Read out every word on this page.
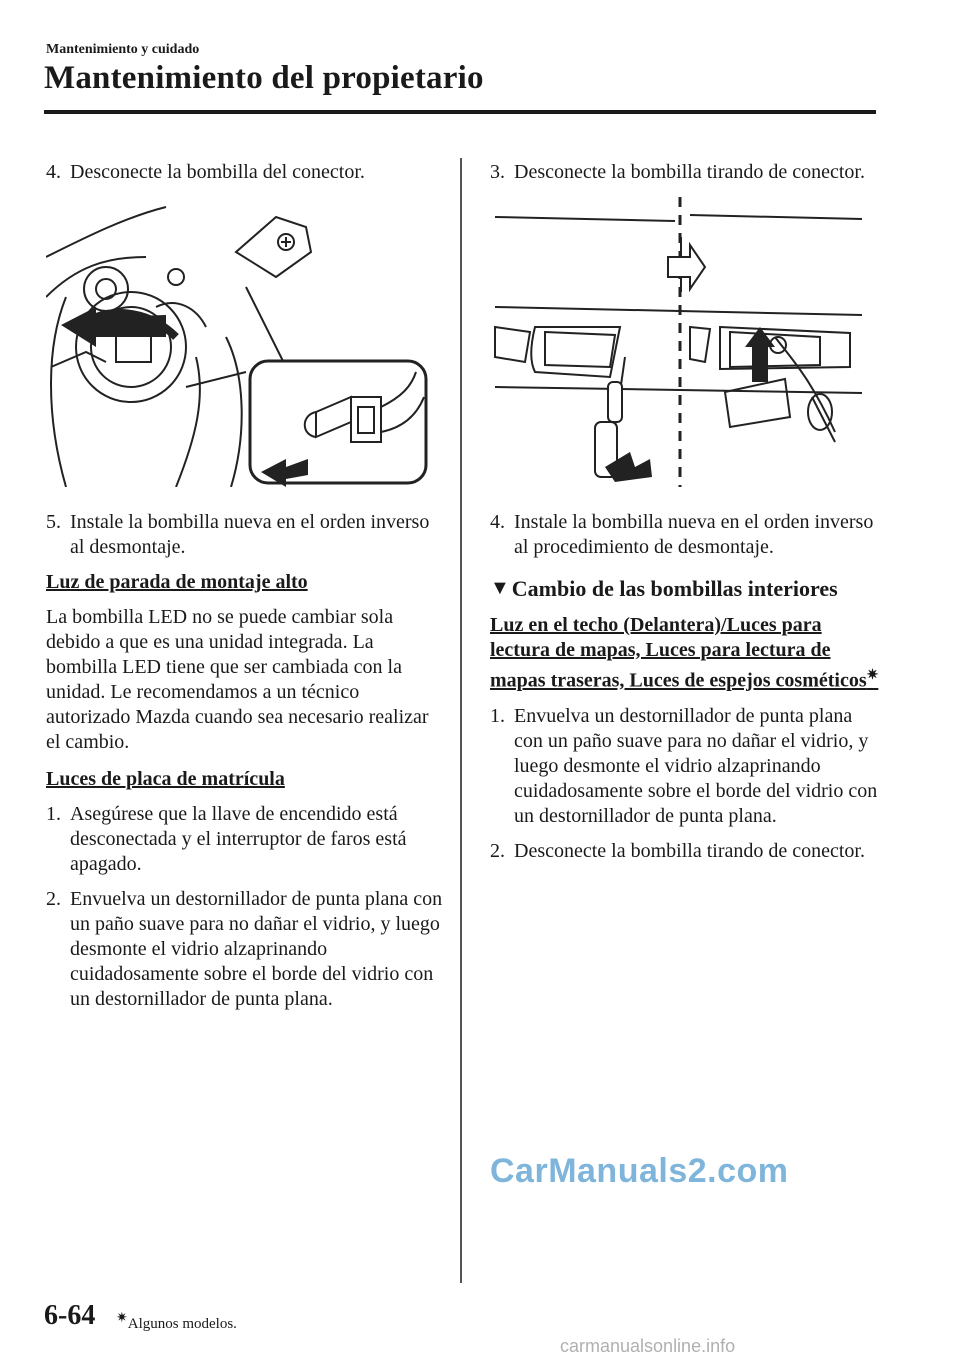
Mantenimiento y cuidado
Mantenimiento del propietario
4. Desconecte la bombilla del conector.
5. Instale la bombilla nueva en el orden inverso al desmontaje.
Luz de parada de montaje alto
La bombilla LED no se puede cambiar sola debido a que es una unidad integrada. La bombilla LED tiene que ser cambiada con la unidad. Le recomendamos a un técnico autorizado Mazda cuando sea necesario realizar el cambio.
Luces de placa de matrícula
1. Asegúrese que la llave de encendido está desconectada y el interruptor de faros está apagado.
2. Envuelva un destornillador de punta plana con un paño suave para no dañar el vidrio, y luego desmonte el vidrio alzaprinando cuidadosamente sobre el borde del vidrio con un destornillador de punta plana.
3. Desconecte la bombilla tirando de conector.
4. Instale la bombilla nueva en el orden inverso al procedimiento de desmontaje.
▼ Cambio de las bombillas interiores
Luz en el techo (Delantera)/Luces para lectura de mapas, Luces para lectura de mapas traseras, Luces de espejos cosméticos✷
1. Envuelva un destornillador de punta plana con un paño suave para no dañar el vidrio, y luego desmonte el vidrio alzaprinando cuidadosamente sobre el borde del vidrio con un destornillador de punta plana.
2. Desconecte la bombilla tirando de conector.
CarManuals2.com
6-64 ✷Algunos modelos.
carmanualsonline.info
